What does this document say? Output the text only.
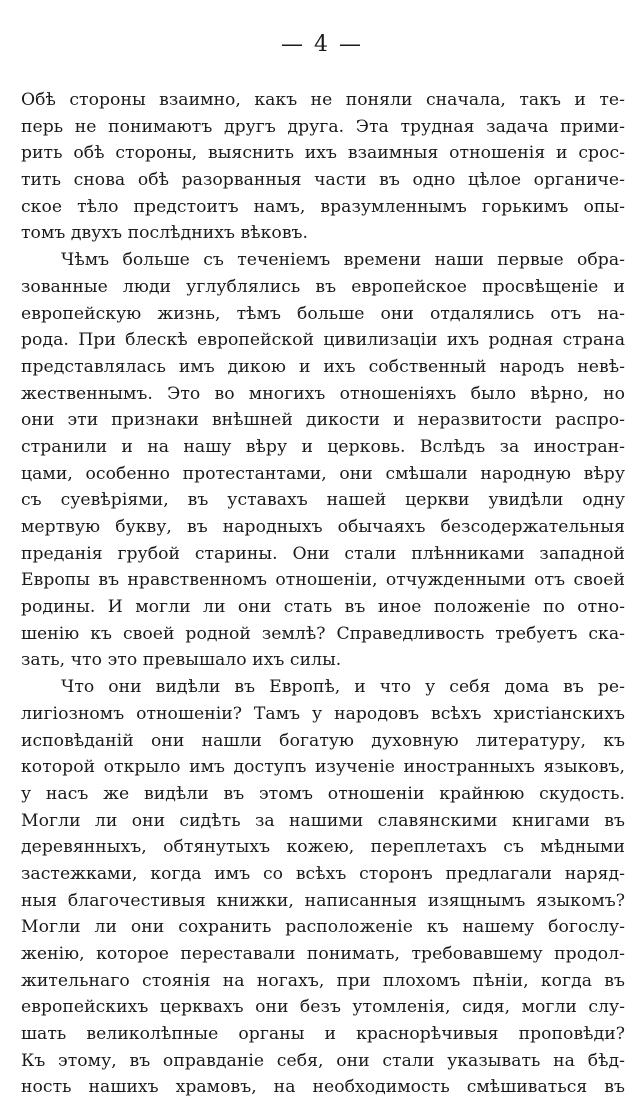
— 4 —
Обѣ стороны взаимно, какъ не поняли сначала, такъ и те-
перь не понимаютъ другъ друга. Эта трудная задача прими-
рить обѣ стороны, выяснить ихъ взаимныя отношенія и срос-
тить снова обѣ разорванныя части въ одно цѣлое органиче-
ское тѣло предстоитъ намъ, вразумленнымъ горькимъ опы-
томъ двухъ послѣднихъ вѣковъ.
Чѣмъ больше съ теченіемъ времени наши первые обра-
зованные люди углублялись въ европейское просвѣщеніе и
европейскую жизнь, тѣмъ больше они отдалялись отъ на-
рода. При блескѣ европейской цивилизаціи ихъ родная страна
представлялась имъ дикою и ихъ собственный народъ невѣ-
жественнымъ. Это во многихъ отношеніяхъ было вѣрно, но
они эти признаки внѣшней дикости и неразвитости распро-
странили и на нашу вѣру и церковь. Вслѣдъ за иностран-
цами, особенно протестантами, они смѣшали народную вѣру
съ суевѣріями, въ уставахъ нашей церкви увидѣли одну
мертвую букву, въ народныхъ обычаяхъ безсодержательныя
преданія грубой старины. Они стали плѣнниками западной
Европы въ нравственномъ отношеніи, отчужденными отъ своей
родины. И могли ли они стать въ иное положеніе по отно-
шенію къ своей родной землѣ? Справедливость требуетъ ска-
зать, что это превышало ихъ силы.
Что они видѣли въ Европѣ, и что у себя дома въ ре-
лигіозномъ отношеніи? Тамъ у народовъ всѣхъ христіанскихъ
исповѣданій они нашли богатую духовную литературу, къ
которой открыло имъ доступъ изученіе иностранныхъ языковъ,
у насъ же видѣли въ этомъ отношеніи крайнюю скудость.
Могли ли они сидѣть за нашими славянскими книгами въ
деревянныхъ, обтянутыхъ кожею, переплетахъ съ мѣдными
застежками, когда имъ со всѣхъ сторонъ предлагали наряд-
ныя благочестивыя книжки, написанныя изящнымъ языкомъ?
Могли ли они сохранить расположеніе къ нашему богослу-
женію, которое переставали понимать, требовавшему продол-
жительнаго стоянія на ногахъ, при плохомъ пѣніи, когда въ
европейскихъ церквахъ они безъ утомленія, сидя, могли слу-
шать великолѣпные органы и краснорѣчивыя проповѣди?
Къ этому, въ оправданіе себя, они стали указывать на бѣд-
ность нашихъ храмовъ, на необходимость смѣшиваться въ
